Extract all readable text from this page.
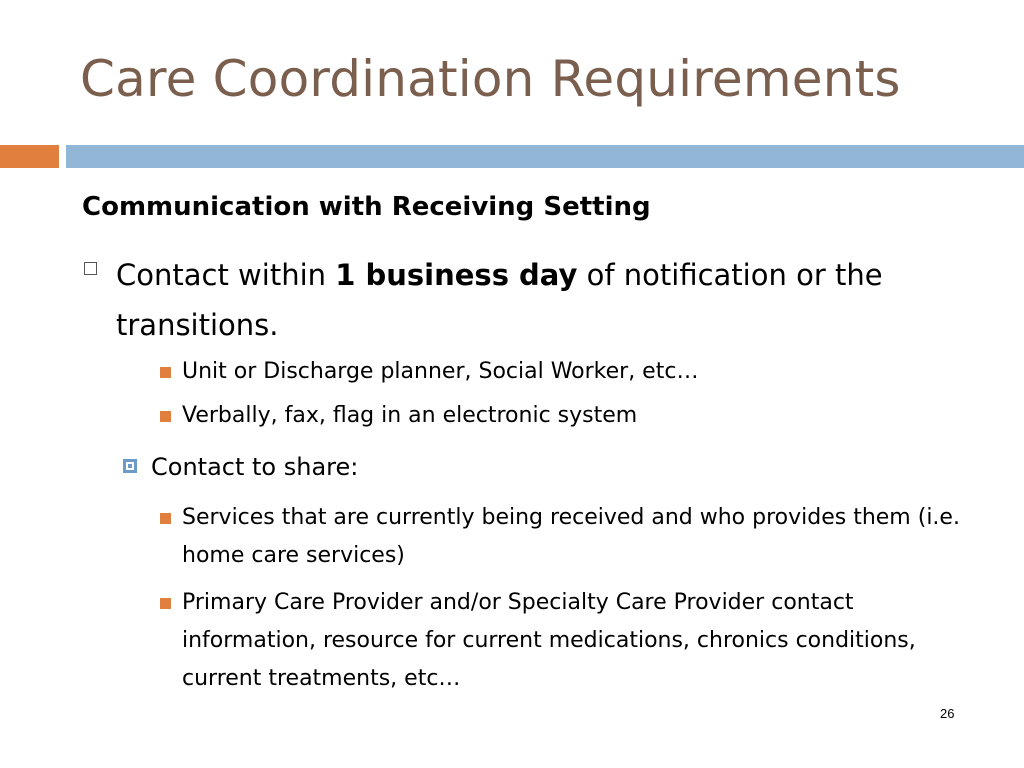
Care Coordination Requirements
Communication with Receiving Setting
Contact within 1 business day of notification or the transitions.
Unit or Discharge planner, Social Worker, etc…
Verbally, fax, flag in an electronic system
Contact to share:
Services that are currently being received and who provides them (i.e. home care services)
Primary Care Provider and/or Specialty Care Provider contact information, resource for current medications, chronics conditions, current treatments, etc…
26
